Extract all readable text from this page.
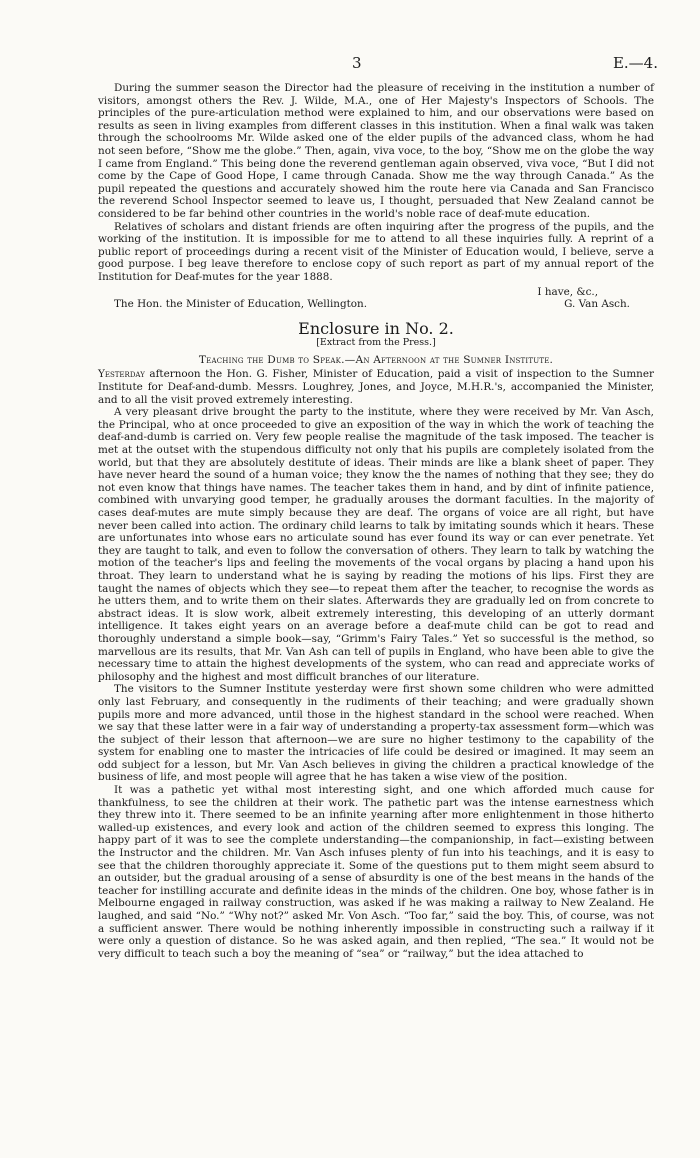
3	E.—4.

During the summer season the Director had the pleasure of receiving in the institution a number of visitors, amongst others the Rev. J. Wilde, M.A., one of Her Majesty's Inspectors of Schools. The principles of the pure-articulation method were explained to him, and our observations were based on results as seen in living examples from different classes in this institution. When a final walk was taken through the schoolrooms Mr. Wilde asked one of the elder pupils of the advanced class, whom he had not seen before, “Show me the globe.” Then, again, viva voce, to the boy, “Show me on the globe the way I came from England.” This being done the reverend gentleman again observed, viva voce, “But I did not come by the Cape of Good Hope, I came through Canada. Show me the way through Canada.” As the pupil repeated the questions and accurately showed him the route here via Canada and San Francisco the reverend School Inspector seemed to leave us, I thought, persuaded that New Zealand cannot be considered to be far behind other countries in the world's noble race of deaf-mute education.

Relatives of scholars and distant friends are often inquiring after the progress of the pupils, and the working of the institution. It is impossible for me to attend to all these inquiries fully. A reprint of a public report of proceedings during a recent visit of the Minister of Education would, I believe, serve a good purpose. I beg leave therefore to enclose copy of such report as part of my annual report of the Institution for Deaf-mutes for the year 1888.

I have, &c.,
The Hon. the Minister of Education, Wellington.	G. Van Asch.
Enclosure in No. 2.
[Extract from the Press.]
Teaching the Dumb to Speak.—An Afternoon at the Sumner Institute.

Yesterday afternoon the Hon. G. Fisher, Minister of Education, paid a visit of inspection to the Sumner Institute for Deaf-and-dumb. Messrs. Loughrey, Jones, and Joyce, M.H.R.'s, accompanied the Minister, and to all the visit proved extremely interesting.

A very pleasant drive brought the party to the institute, where they were received by Mr. Van Asch, the Principal, who at once proceeded to give an exposition of the way in which the work of teaching the deaf-and-dumb is carried on. Very few people realise the magnitude of the task imposed. The teacher is met at the outset with the stupendous difficulty not only that his pupils are completely isolated from the world, but that they are absolutely destitute of ideas. Their minds are like a blank sheet of paper. They have never heard the sound of a human voice; they know the the names of nothing that they see; they do not even know that things have names. The teacher takes them in hand, and by dint of infinite patience, combined with unvarying good temper, he gradually arouses the dormant faculties. In the majority of cases deaf-mutes are mute simply because they are deaf. The organs of voice are all right, but have never been called into action. The ordinary child learns to talk by imitating sounds which it hears. These are unfortunates into whose ears no articulate sound has ever found its way or can ever penetrate. Yet they are taught to talk, and even to follow the conversation of others. They learn to talk by watching the motion of the teacher's lips and feeling the movements of the vocal organs by placing a hand upon his throat. They learn to understand what he is saying by reading the motions of his lips. First they are taught the names of objects which they see—to repeat them after the teacher, to recognise the words as he utters them, and to write them on their slates. Afterwards they are gradually led on from concrete to abstract ideas. It is slow work, albeit extremely interesting, this developing of an utterly dormant intelligence. It takes eight years on an average before a deaf-mute child can be got to read and thoroughly understand a simple book—say, “Grimm's Fairy Tales.” Yet so successful is the method, so marvellous are its results, that Mr. Van Ash can tell of pupils in England, who have been able to give the necessary time to attain the highest developments of the system, who can read and appreciate works of philosophy and the highest and most difficult branches of our literature.

The visitors to the Sumner Institute yesterday were first shown some children who were admitted only last February, and consequently in the rudiments of their teaching; and were gradually shown pupils more and more advanced, until those in the highest standard in the school were reached. When we say that these latter were in a fair way of understanding a property-tax assessment form—which was the subject of their lesson that afternoon—we are sure no higher testimony to the capability of the system for enabling one to master the intricacies of life could be desired or imagined. It may seem an odd subject for a lesson, but Mr. Van Asch believes in giving the children a practical knowledge of the business of life, and most people will agree that he has taken a wise view of the position.

It was a pathetic yet withal most interesting sight, and one which afforded much cause for thankfulness, to see the children at their work. The pathetic part was the intense earnestness which they threw into it. There seemed to be an infinite yearning after more enlightenment in those hitherto walled-up existences, and every look and action of the children seemed to express this longing. The happy part of it was to see the complete understanding—the companionship, in fact—existing between the Instructor and the children. Mr. Van Asch infuses plenty of fun into his teachings, and it is easy to see that the children thoroughly appreciate it. Some of the questions put to them might seem absurd to an outsider, but the gradual arousing of a sense of absurdity is one of the best means in the hands of the teacher for instilling accurate and definite ideas in the minds of the children. One boy, whose father is in Melbourne engaged in railway construction, was asked if he was making a railway to New Zealand. He laughed, and said “No.” “Why not?” asked Mr. Von Asch. “Too far,” said the boy. This, of course, was not a sufficient answer. There would be nothing inherently impossible in constructing such a railway if it were only a question of distance. So he was asked again, and then replied, “The sea.” It would not be very difficult to teach such a boy the meaning of “sea” or “railway,” but the idea attached to
